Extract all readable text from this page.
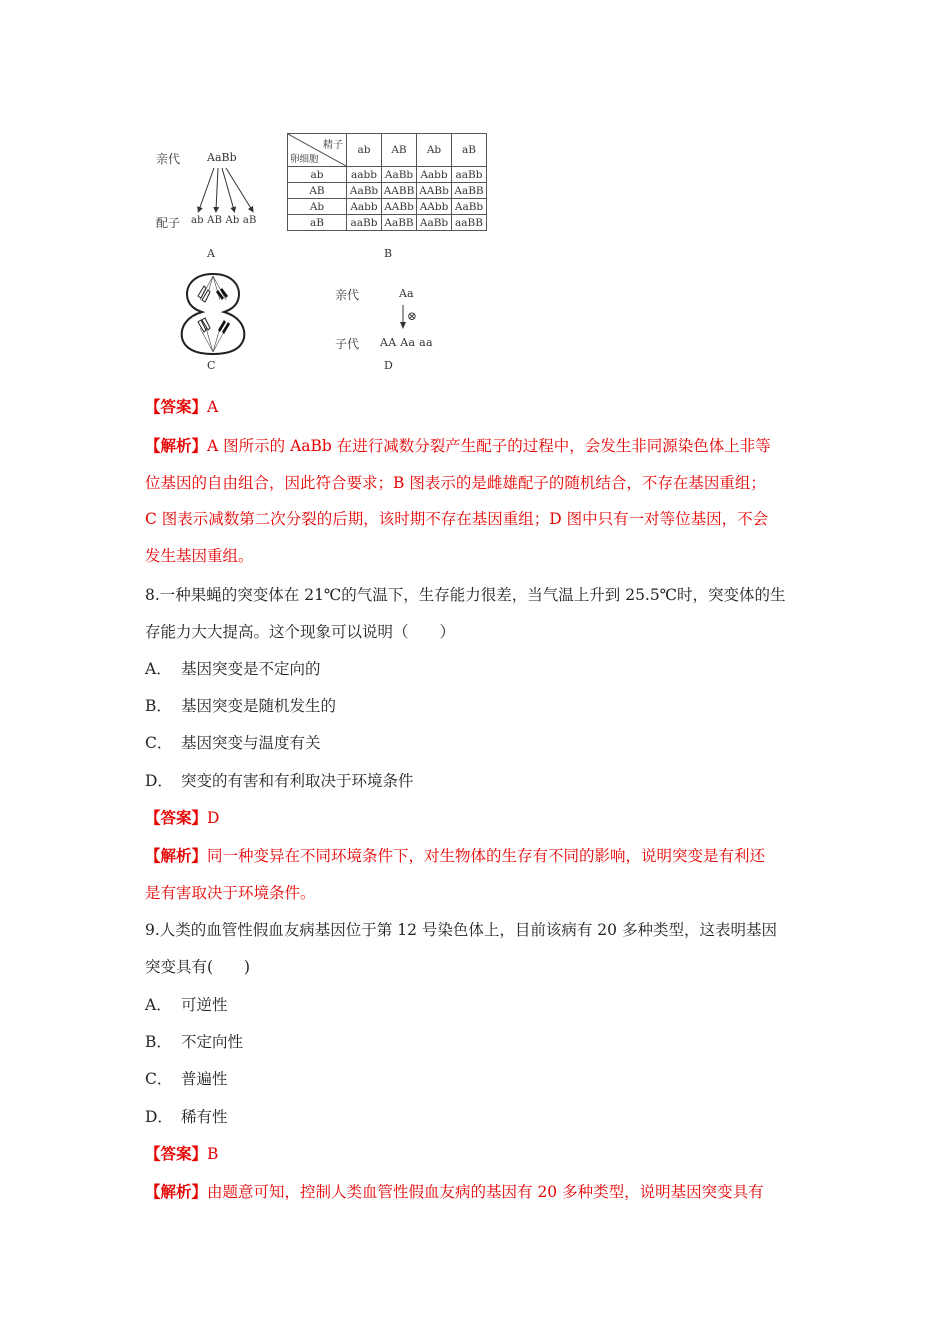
亲代 AaBb
配子 ab AB Ab aB
A
精子
卵细胞	ab	AB	Ab	aB
ab	aabb	AaBb	Aabb	aaBb
AB	AaBb	AABB	AABb	AaBB
Ab	Aabb	AABb	AAbb	AaBb
aB	aaBb	AaBB	AaBb	aaBB
B
C
亲代	Aa
⊗
子代 AA Aa aa
D
【答案】A
【解析】A 图所示的 AaBb 在进行减数分裂产生配子的过程中，会发生非同源染色体上非等
位基因的自由组合，因此符合要求；B 图表示的是雌雄配子的随机结合，不存在基因重组；
C 图表示减数第二次分裂的后期，该时期不存在基因重组；D 图中只有一对等位基因，不会
发生基因重组。
8.一种果蝇的突变体在 21℃的气温下，生存能力很差，当气温上升到 25.5℃时，突变体的生
存能力大大提高。这个现象可以说明（　　）
A． 基因突变是不定向的
B． 基因突变是随机发生的
C． 基因突变与温度有关
D． 突变的有害和有利取决于环境条件
【答案】D
【解析】同一种变异在不同环境条件下，对生物体的生存有不同的影响，说明突变是有利还
是有害取决于环境条件。
9.人类的血管性假血友病基因位于第 12 号染色体上，目前该病有 20 多种类型，这表明基因
突变具有(　　)
A． 可逆性
B． 不定向性
C． 普遍性
D． 稀有性
【答案】B
【解析】由题意可知，控制人类血管性假血友病的基因有 20 多种类型，说明基因突变具有
